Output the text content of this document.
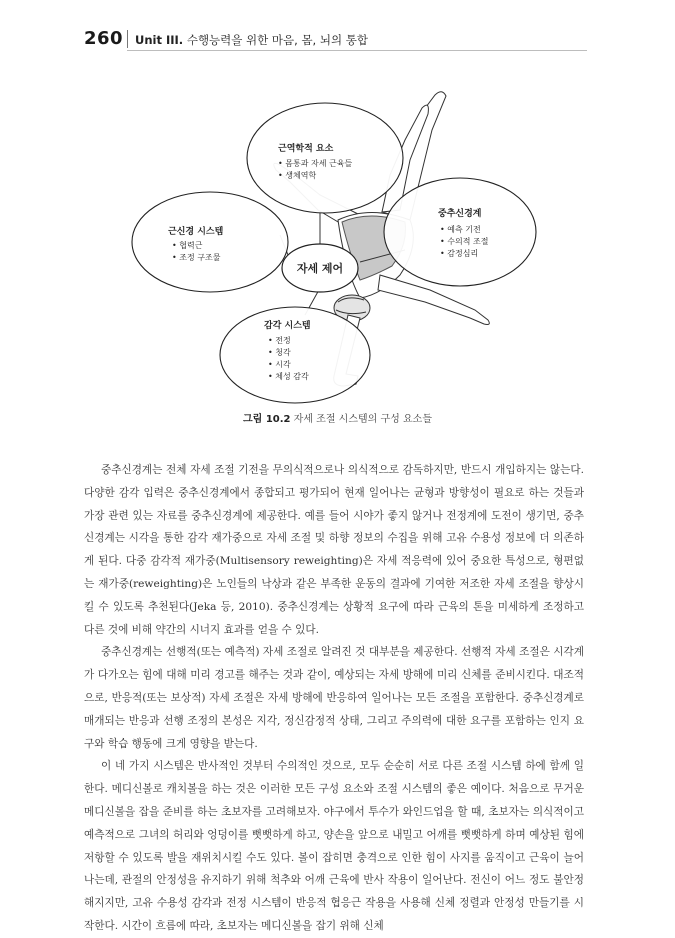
260 Unit III. 수행능력을 위한 마음, 몸, 뇌의 통합
근역학적 요소
• 몸통과 자세 근육들
• 생체역학
근신경 시스템
• 협력근
• 조정 구조물
중추신경계
• 예측 기전
• 수의적 조절
• 감정심리
감각 시스템
• 전정
• 청각
• 시각
• 체성 감각
자세 제어
그림 10.2 자세 조절 시스템의 구성 요소들

중추신경계는 전체 자세 조절 기전을 무의식적으로나 의식적으로 감독하지만, 반드시 개입하지는 않는다. 다양한 감각 입력은 중추신경계에서 종합되고 평가되어 현재 일어나는 균형과 방향성이 필요로 하는 것들과 가장 관련 있는 자료를 중추신경계에 제공한다. 예를 들어 시야가 좋지 않거나 전정계에 도전이 생기면, 중추신경계는 시각을 통한 감각 재가중으로 자세 조절 및 하향 정보의 수집을 위해 고유 수용성 정보에 더 의존하게 된다. 다중 감각적 재가중(Multisensory reweighting)은 자세 적응력에 있어 중요한 특성으로, 형편없는 재가중(reweighting)은 노인들의 낙상과 같은 부족한 운동의 결과에 기여한 저조한 자세 조절을 향상시킬 수 있도록 추천된다(Jeka 등, 2010). 중추신경계는 상황적 요구에 따라 근육의 톤을 미세하게 조정하고 다른 것에 비해 약간의 시너지 효과를 얻을 수 있다.

중추신경계는 선행적(또는 예측적) 자세 조절로 알려진 것 대부분을 제공한다. 선행적 자세 조절은 시각계가 다가오는 힘에 대해 미리 경고를 해주는 것과 같이, 예상되는 자세 방해에 미리 신체를 준비시킨다. 대조적으로, 반응적(또는 보상적) 자세 조절은 자세 방해에 반응하여 일어나는 모든 조절을 포함한다. 중추신경계로 매개되는 반응과 선행 조정의 본성은 지각, 정신감정적 상태, 그리고 주의력에 대한 요구를 포함하는 인지 요구와 학습 행동에 크게 영향을 받는다.

이 네 가지 시스템은 반사적인 것부터 수의적인 것으로, 모두 순순히 서로 다른 조절 시스템 하에 함께 일한다. 메디신볼로 캐치볼을 하는 것은 이러한 모든 구성 요소와 조절 시스템의 좋은 예이다. 처음으로 무거운 메디신볼을 잡을 준비를 하는 초보자를 고려해보자. 야구에서 투수가 와인드업을 할 때, 초보자는 의식적이고 예측적으로 그녀의 허리와 엉덩이를 뻣뻣하게 하고, 양손을 앞으로 내밀고 어깨를 뻣뻣하게 하며 예상된 힘에 저항할 수 있도록 발을 재위치시킬 수도 있다. 볼이 잡히면 충격으로 인한 힘이 사지를 움직이고 근육이 늘어나는데, 관절의 안정성을 유지하기 위해 척추와 어깨 근육에 반사 작용이 일어난다. 전신이 어느 정도 불안정해지지만, 고유 수용성 감각과 전정 시스템이 반응적 협응근 작용을 사용해 신체 정렬과 안정성 만들기를 시작한다. 시간이 흐름에 따라, 초보자는 메디신볼을 잡기 위해 신체
